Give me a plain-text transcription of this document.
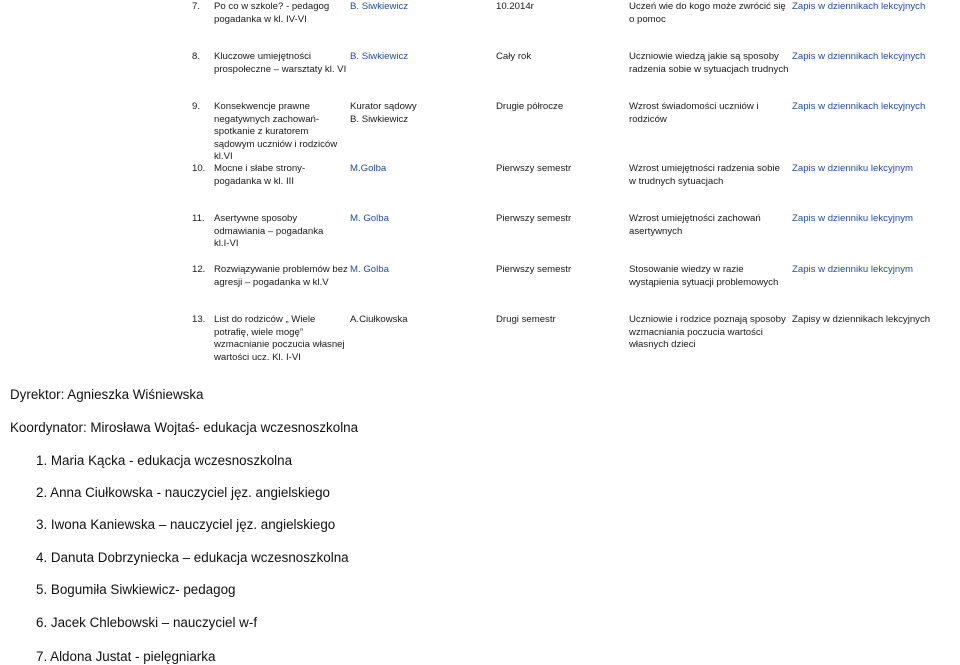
7. Po co w szkole? - pedagog
pogadanka w kl. IV-VI
B. Siwkiewicz	10.2014r	Uczeń wie do kogo może zwrócić się
o pomoc
Zapis w dziennikach lekcyjnych
8. Kluczowe umiejętności
prospołeczne – warsztaty kl. VI
B. Siwkiewicz	Cały rok	Uczniowie wiedzą jakie są sposoby
radzenia sobie w sytuacjach trudnych
Zapis w dziennikach lekcyjnych
9. Konsekwencje prawne
negatywnych zachowań-
spotkanie z kuratorem
sądowym uczniów i rodziców
kl.VI
Kurator sądowy
B. Siwkiewicz
Drugie półrocze	Wzrost świadomości uczniów i
rodziców
Zapis w dziennikach lekcyjnych
10. Mocne i słabe strony-
pogadanka w kl. III
M.Golba	Pierwszy semestr	Wzrost umiejętności radzenia sobie
w trudnych sytuacjach
Zapis w dzienniku lekcyjnym
11. Asertywne sposoby
odmawiania – pogadanka
kl.I-VI
M. Golba	Pierwszy semestr	Wzrost umiejętności zachowań
asertywnych
Zapis w dzienniku lekcyjnym
12. Rozwiązywanie problemów bez
agresji – pogadanka w kl.V
M. Golba	Pierwszy semestr	Stosowanie wiedzy w razie
wystąpienia sytuacji problemowych
Zapis w dzienniku lekcyjnym
13. List do rodziców „ Wiele
potrafię, wiele mogę”
wzmacnianie poczucia własnej
wartości ucz. Kl. I-VI
A.Ciułkowska	Drugi semestr	Uczniowie i rodzice poznają sposoby
wzmacniania poczucia wartości
własnych dzieci
Zapisy w dziennikach lekcyjnych
Dyrektor: Agnieszka Wiśniewska
Koordynator: Mirosława Wojtaś- edukacja wczesnoszkolna
1. Maria Kącka - edukacja wczesnoszkolna
2. Anna Ciułkowska - nauczyciel jęz. angielskiego
3. Iwona Kaniewska – nauczyciel jęz. angielskiego
4. Danuta Dobrzyniecka – edukacja wczesnoszkolna
5. Bogumiła Siwkiewicz- pedagog
6. Jacek Chlebowski – nauczyciel w-f
7. Aldona Justat - pielęgniarka
